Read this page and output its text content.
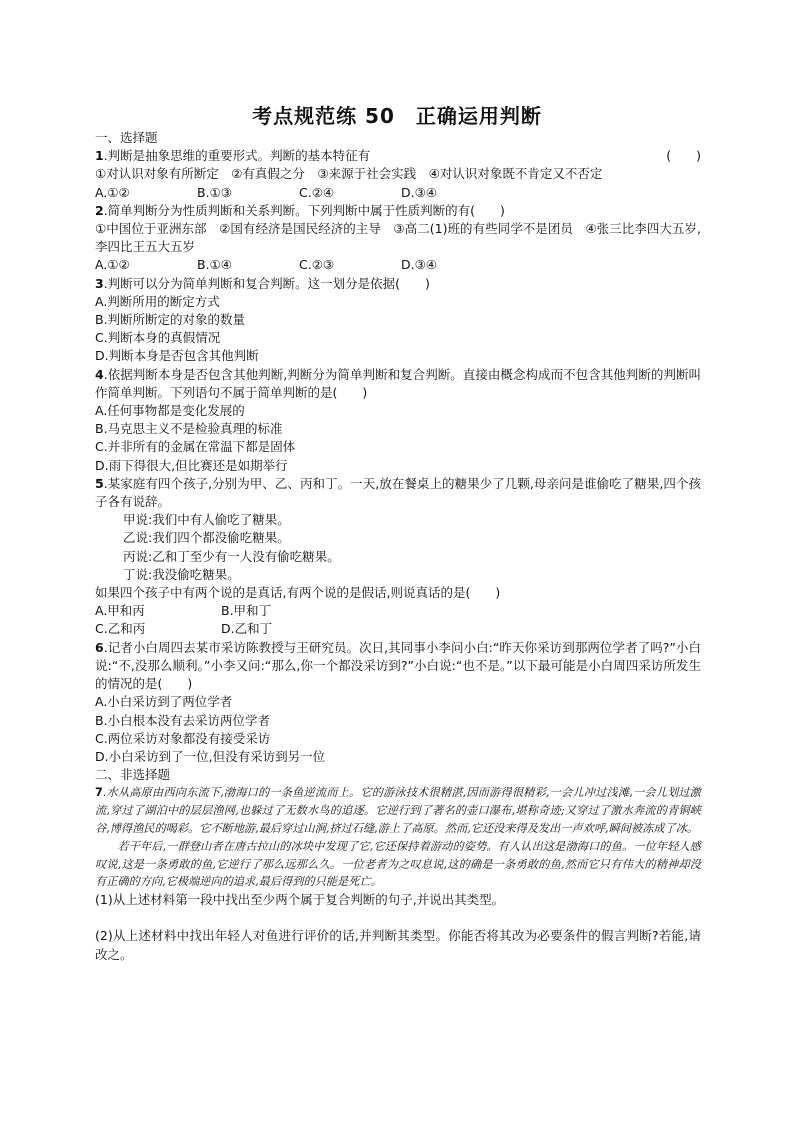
考点规范练 50　正确运用判断
一、选择题
1.判断是抽象思维的重要形式。判断的基本特征有	(　　)
①对认识对象有所断定　②有真假之分　③来源于社会实践　④对认识对象既不肯定又不否定
A.①②	B.①③	C.②④	D.③④
2.简单判断分为性质判断和关系判断。下列判断中属于性质判断的有(　　)
①中国位于亚洲东部　②国有经济是国民经济的主导　③高二(1)班的有些同学不是团员　④张三比李四大五岁,李四比王五大五岁
A.①②	B.①④	C.②③	D.③④
3.判断可以分为简单判断和复合判断。这一划分是依据(　　)
A.判断所用的断定方式
B.判断所断定的对象的数量
C.判断本身的真假情况
D.判断本身是否包含其他判断
4.依据判断本身是否包含其他判断,判断分为简单判断和复合判断。直接由概念构成而不包含其他判断的判断叫作简单判断。下列语句不属于简单判断的是(　　)
A.任何事物都是变化发展的
B.马克思主义不是检验真理的标准
C.并非所有的金属在常温下都是固体
D.雨下得很大,但比赛还是如期举行
5.某家庭有四个孩子,分别为甲、乙、丙和丁。一天,放在餐桌上的糖果少了几颗,母亲问是谁偷吃了糖果,四个孩子各有说辞。
甲说:我们中有人偷吃了糖果。
乙说:我们四个都没偷吃糖果。
丙说:乙和丁至少有一人没有偷吃糖果。
丁说:我没偷吃糖果。
如果四个孩子中有两个说的是真话,有两个说的是假话,则说真话的是(　　)
A.甲和丙	B.甲和丁
C.乙和丙	D.乙和丁
6.记者小白周四去某市采访陈教授与王研究员。次日,其同事小李问小白:“昨天你采访到那两位学者了吗?”小白说:“不,没那么顺利。”小李又问:“那么,你一个都没采访到?”小白说:“也不是。”以下最可能是小白周四采访所发生的情况的是(　　)
A.小白采访到了两位学者
B.小白根本没有去采访两位学者
C.两位采访对象都没有接受采访
D.小白采访到了一位,但没有采访到另一位
二、非选择题

7.水从高原由西向东流下,渤海口的一条鱼逆流而上。它的游泳技术很精湛,因而游得很精彩,一会儿冲过浅滩,一会儿划过激流,穿过了湖泊中的层层渔网,也躲过了无数水鸟的追逐。它逆行到了著名的壶口瀑布,堪称奇迹;又穿过了激水奔流的青铜峡谷,博得渔民的喝彩。它不断地游,最后穿过山涧,挤过石缝,游上了高原。然而,它还没来得及发出一声欢呼,瞬间被冻成了冰。

若干年后,一群登山者在唐古拉山的冰块中发现了它,它还保持着游动的姿势。有人认出这是渤海口的鱼。一位年轻人感叹说,这是一条勇敢的鱼,它逆行了那么远那么久。一位老者为之叹息说,这的确是一条勇敢的鱼,然而它只有伟大的精神却没有正确的方向,它极端逆向的追求,最后得到的只能是死亡。

(1)从上述材料第一段中找出至少两个属于复合判断的句子,并说出其类型。
(2)从上述材料中找出年轻人对鱼进行评价的话,并判断其类型。你能否将其改为必要条件的假言判断?若能,请改之。
